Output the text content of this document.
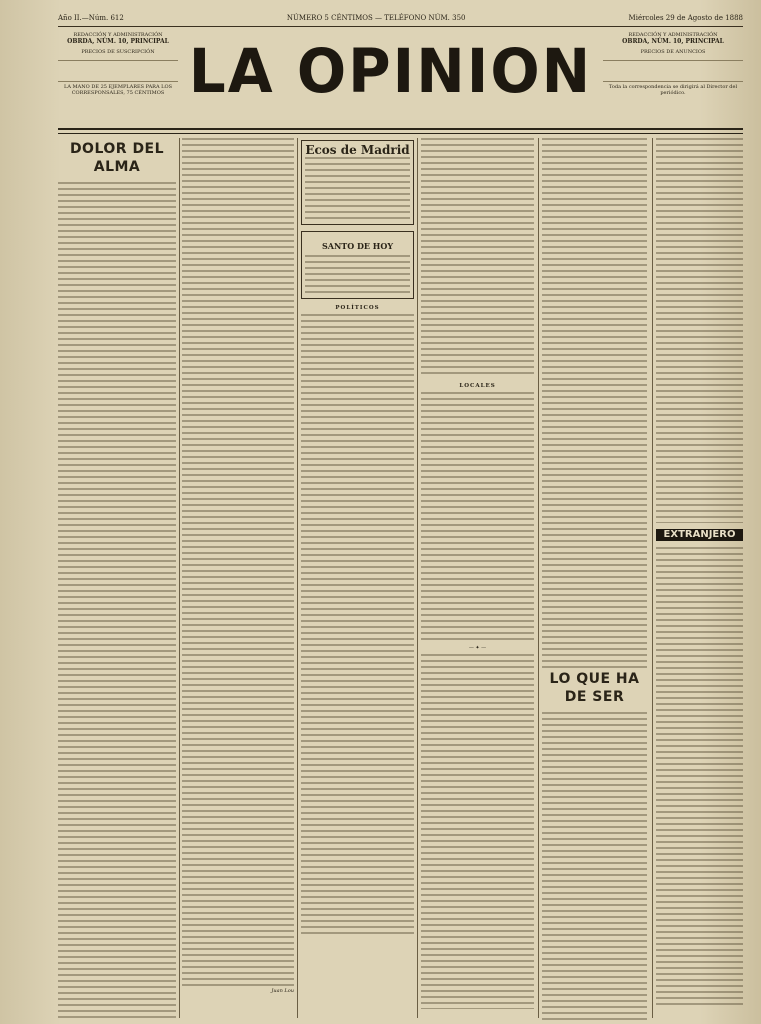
Año II.—Núm. 612	NÚMERO 5 CÉNTIMOS — TELÉFONO NÚM. 350	Miércoles 29 de Agosto de 1888
REDACCIÓN Y ADMINISTRACIÓN
OBRDA, NÚM. 10, PRINCIPAL
PRECIOS DE SUSCRIPCIÓN
LA MANO DE 25 EJEMPLARES PARA LOS CORRESPONSALES, 75 CÉNTIMOS LA OPINION
REDACCIÓN Y ADMINISTRACIÓN
OBRDA, NÚM. 10, PRINCIPAL
PRECIOS DE ANUNCIOS
Toda la correspondencia se dirigirá al Director del periódico.
DOLOR DEL ALMA
Juan Lou
Ecos de Madrid
SANTO DE HOY
POLÍTICOS
LOCALES
— ✦ —
LO QUE HA DE SER
EXTRANJERO
